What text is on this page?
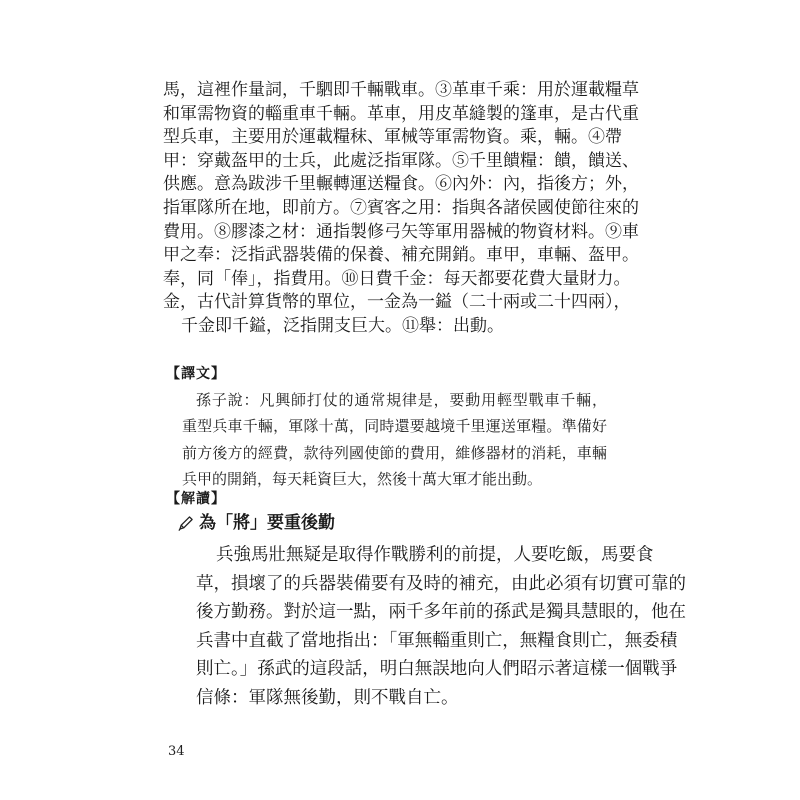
馬，這裡作量詞，千駟即千輛戰車。③革車千乘：用於運載糧草
和軍需物資的輜重車千輛。革車，用皮革縫製的篷車，是古代重
型兵車，主要用於運載糧秣、軍械等軍需物資。乘，輛。④帶
甲：穿戴盔甲的士兵，此處泛指軍隊。⑤千里饋糧：饋，饋送、
供應。意為跋涉千里輾轉運送糧食。⑥內外：內，指後方；外，
指軍隊所在地，即前方。⑦賓客之用：指與各諸侯國使節往來的
費用。⑧膠漆之材：通指製修弓矢等軍用器械的物資材料。⑨車
甲之奉：泛指武器裝備的保養、補充開銷。車甲，車輛、盔甲。
奉，同「俸」，指費用。⑩日費千金：每天都要花費大量財力。
金，古代計算貨幣的單位，一金為一鎰（二十兩或二十四兩），
千金即千鎰，泛指開支巨大。⑪舉：出動。
【譯文】
孫子說：凡興師打仗的通常規律是，要動用輕型戰車千輛，
重型兵車千輛，軍隊十萬，同時還要越境千里運送軍糧。準備好
前方後方的經費，款待列國使節的費用，維修器材的消耗，車輛
兵甲的開銷，每天耗資巨大，然後十萬大軍才能出動。
【解讀】
為「將」要重後勤
兵強馬壯無疑是取得作戰勝利的前提，人要吃飯，馬要食
草，損壞了的兵器裝備要有及時的補充，由此必須有切實可靠的
後方勤務。對於這一點，兩千多年前的孫武是獨具慧眼的，他在
兵書中直截了當地指出：「軍無輜重則亡，無糧食則亡，無委積
則亡。」孫武的這段話，明白無誤地向人們昭示著這樣一個戰爭
信條：軍隊無後勤，則不戰自亡。
34
